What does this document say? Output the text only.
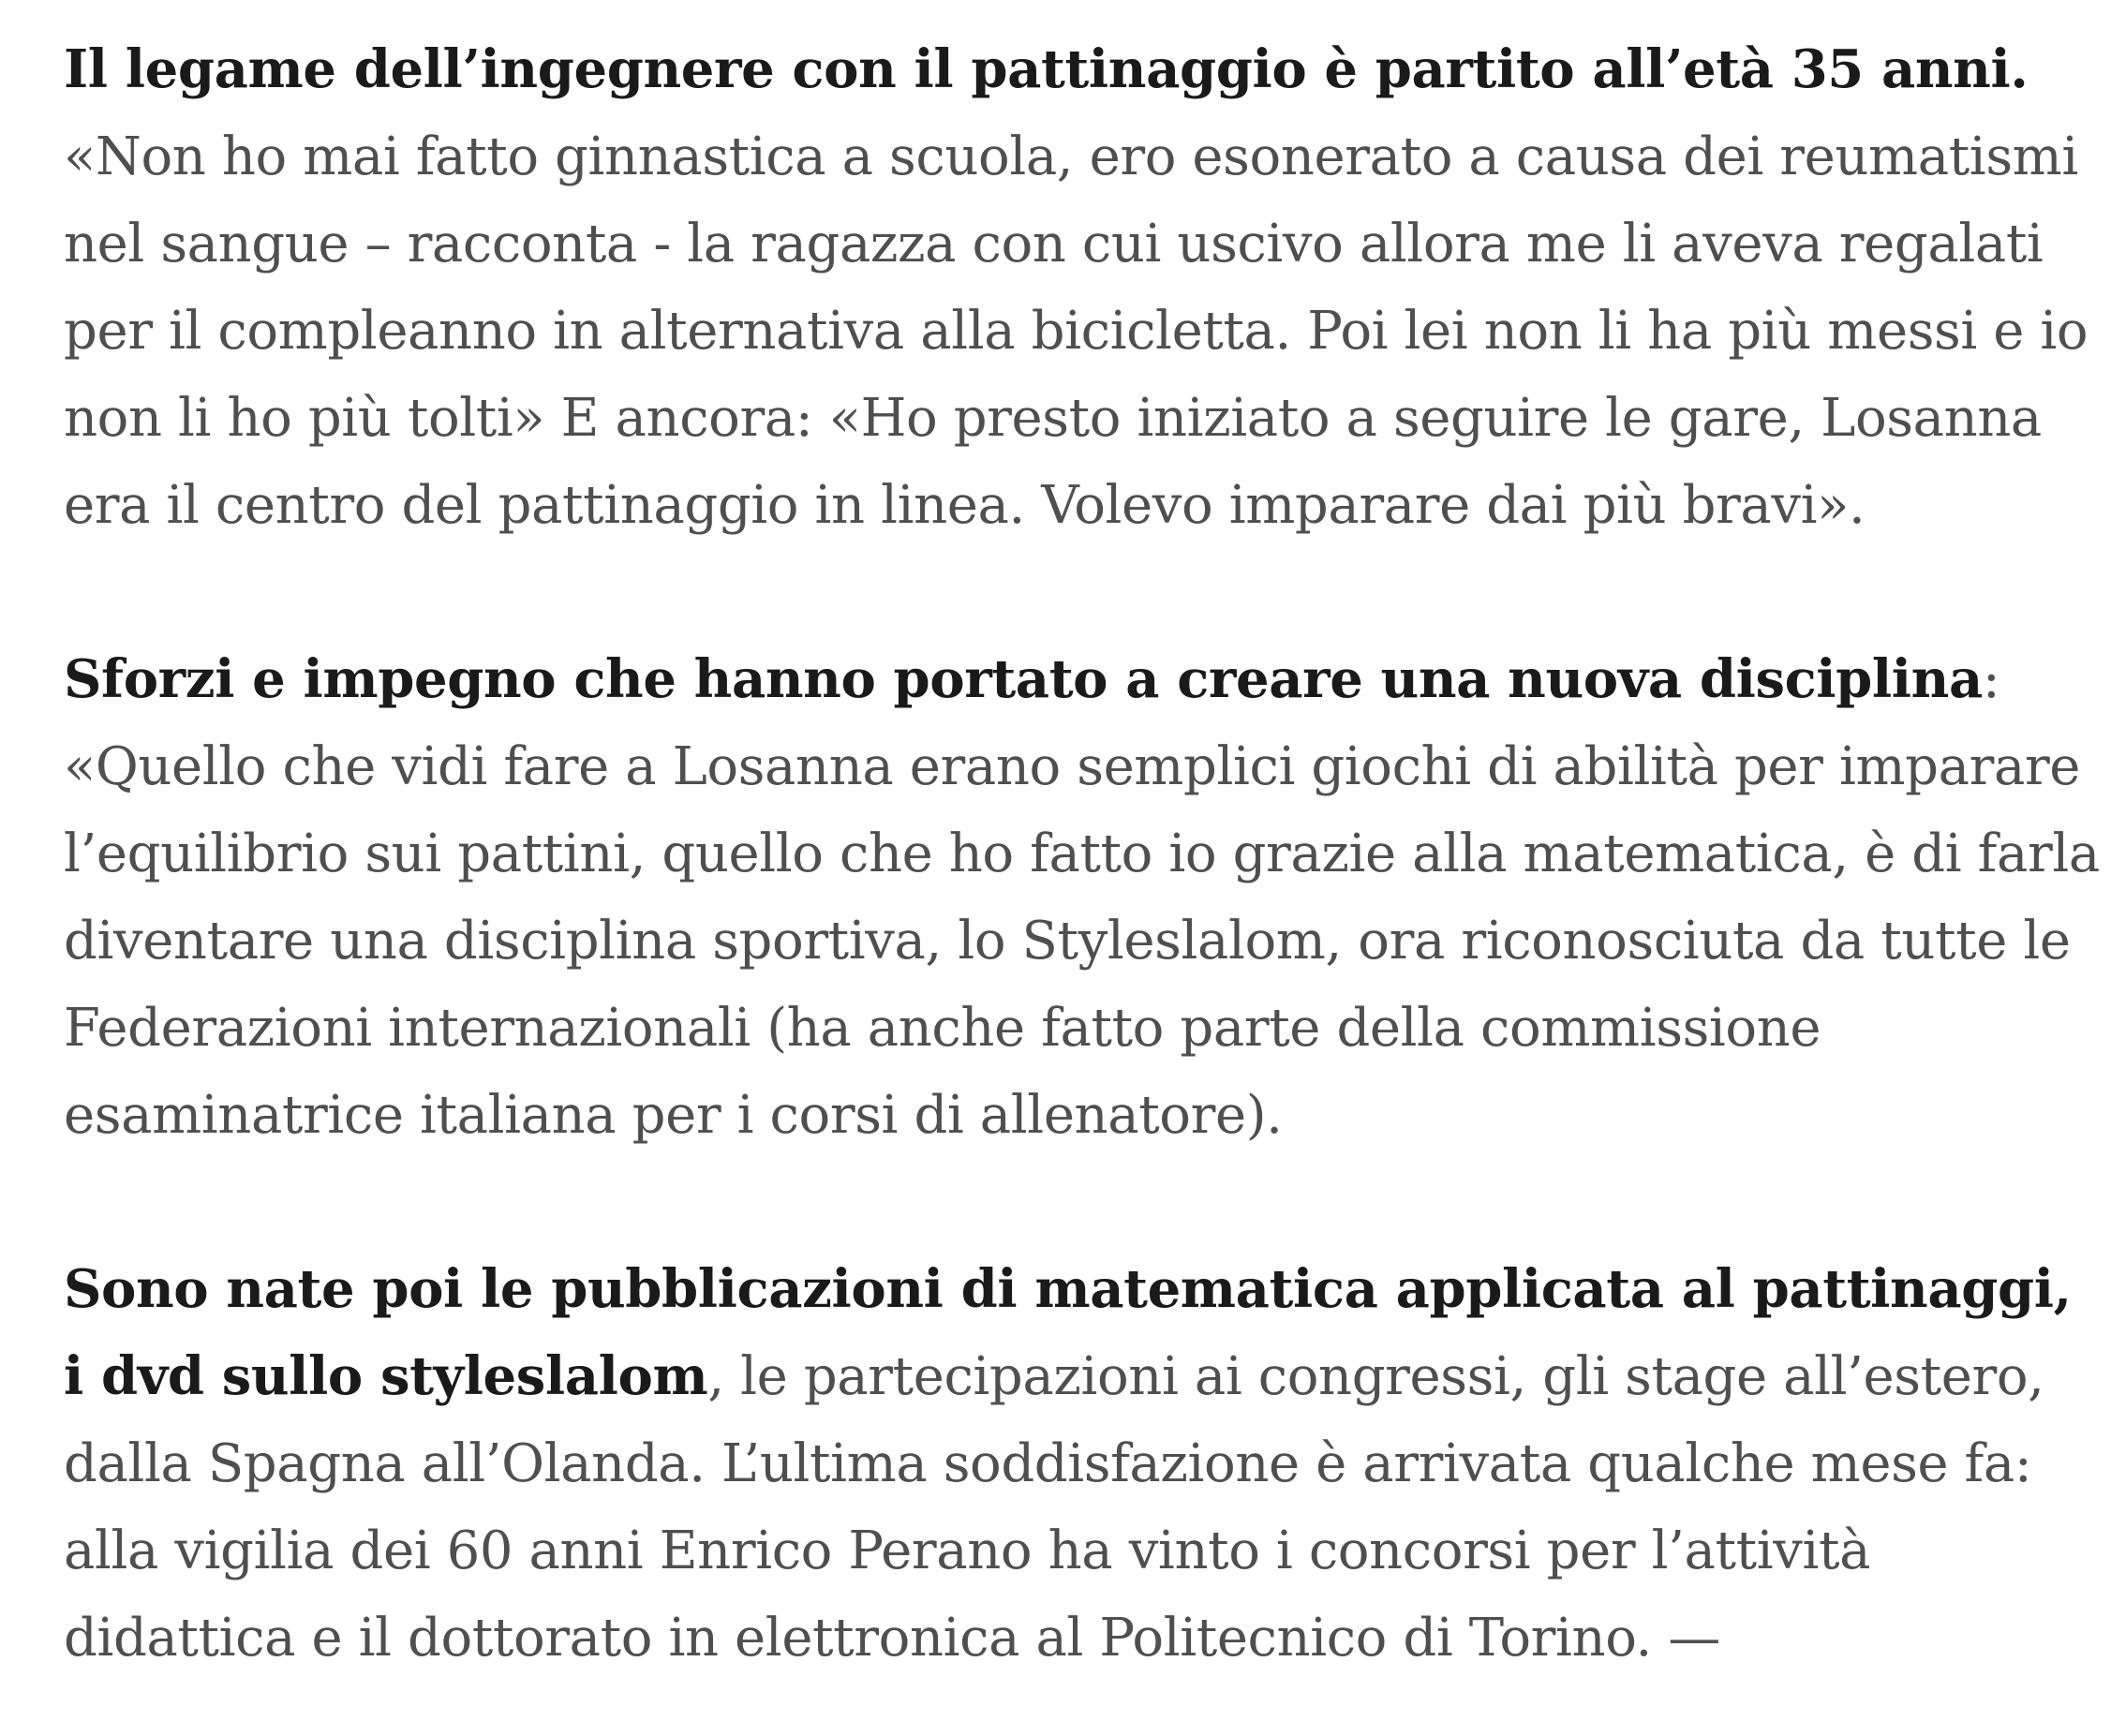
Il legame dell’ingegnere con il pattinaggio è partito all’età 35 anni. «Non ho mai fatto ginnastica a scuola, ero esonerato a causa dei reumatismi nel sangue – racconta - la ragazza con cui uscivo allora me li aveva regalati per il compleanno in alternativa alla bicicletta. Poi lei non li ha più messi e io non li ho più tolti» E ancora: «Ho presto iniziato a seguire le gare, Losanna era il centro del pattinaggio in linea. Volevo imparare dai più bravi».

Sforzi e impegno che hanno portato a creare una nuova disciplina: «Quello che vidi fare a Losanna erano semplici giochi di abilità per imparare l’equilibrio sui pattini, quello che ho fatto io grazie alla matematica, è di farla diventare una disciplina sportiva, lo Styleslalom, ora riconosciuta da tutte le Federazioni internazionali (ha anche fatto parte della commissione esaminatrice italiana per i corsi di allenatore).

Sono nate poi le pubblicazioni di matematica applicata al pattinaggi, i dvd sullo styleslalom, le partecipazioni ai congressi, gli stage all’estero, dalla Spagna all’Olanda. L’ultima soddisfazione è arrivata qualche mese fa: alla vigilia dei 60 anni Enrico Perano ha vinto i concorsi per l’attività didattica e il dottorato in elettronica al Politecnico di Torino. —
